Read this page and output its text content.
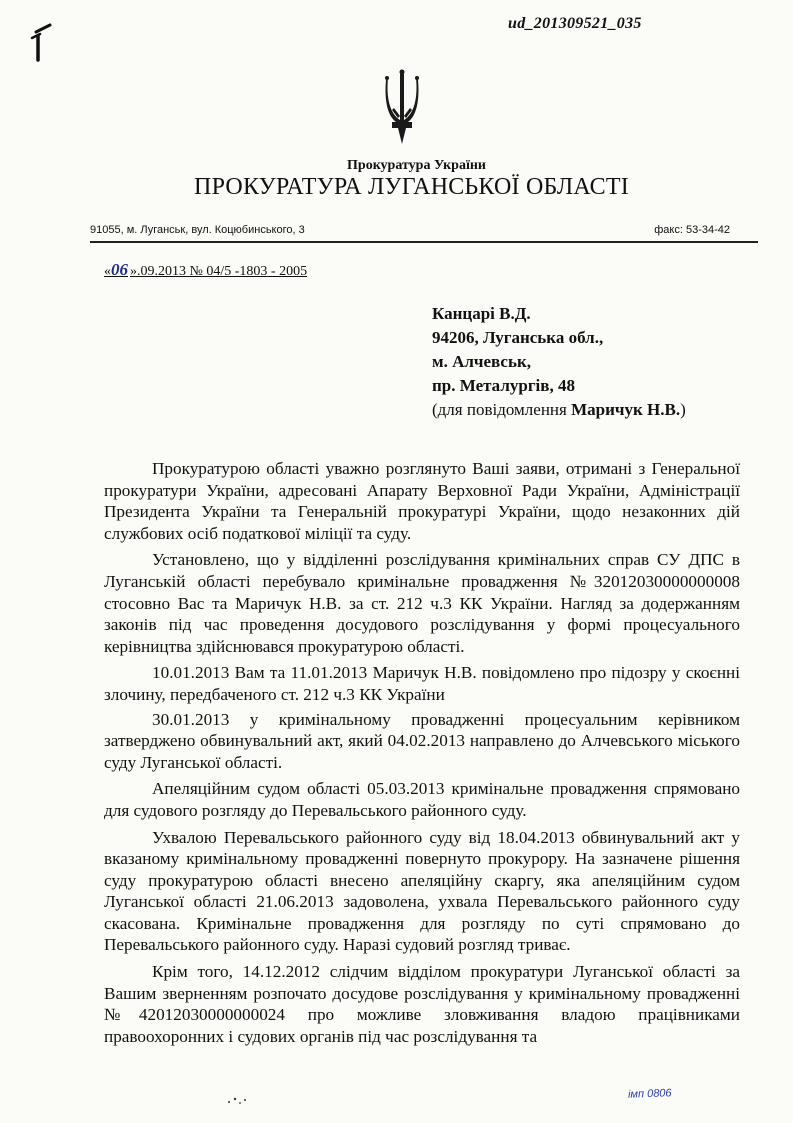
ud_201309521_035
Прокуратура України
ПРОКУРАТУРА ЛУГАНСЬКОЇ ОБЛАСТІ
91055, м. Луганськ, вул. Коцюбинського, 3	факс: 53-34-42
«06 ».09.2013 № 04/5 -1803 - 2005
Канцарі В.Д.
94206, Луганська обл.,
м. Алчевськ,
пр. Металургів, 48
(для повідомлення Маричук Н.В.)

Прокуратурою області уважно розглянуто Ваші заяви, отримані з Генеральної прокуратури України, адресовані Апарату Верховної Ради України, Адміністрації Президента України та Генеральній прокуратурі України, щодо незаконних дій службових осіб податкової міліції та суду.

Установлено, що у відділенні розслідування кримінальних справ СУ ДПС в Луганській області перебувало кримінальне провадження №32012030000000008 стосовно Вас та Маричук Н.В. за ст. 212 ч.3 КК України. Нагляд за додержанням законів під час проведення досудового розслідування у формі процесуального керівництва здійснювався прокуратурою області.

10.01.2013 Вам та 11.01.2013 Маричук Н.В. повідомлено про підозру у скоєнні злочину, передбаченого ст. 212 ч.3 КК України

30.01.2013 у кримінальному провадженні процесуальним керівником затверджено обвинувальний акт, який 04.02.2013 направлено до Алчевського міського суду Луганської області.

Апеляційним судом області 05.03.2013 кримінальне провадження спрямовано для судового розгляду до Перевальського районного суду.

Ухвалою Перевальського районного суду від 18.04.2013 обвинувальний акт у вказаному кримінальному провадженні повернуто прокурору. На зазначене рішення суду прокуратурою області внесено апеляційну скаргу, яка апеляційним судом Луганської області 21.06.2013 задоволена, ухвала Перевальського районного суду скасована. Кримінальне провадження для розгляду по суті спрямовано до Перевальського районного суду. Наразі судовий розгляд триває.

Крім того, 14.12.2012 слідчим відділом прокуратури Луганської області за Вашим зверненням розпочато досудове розслідування у кримінальному провадженні №42012030000000024 про можливе зловживання владою працівниками правоохоронних і судових органів під час розслідування та

імп 0806
